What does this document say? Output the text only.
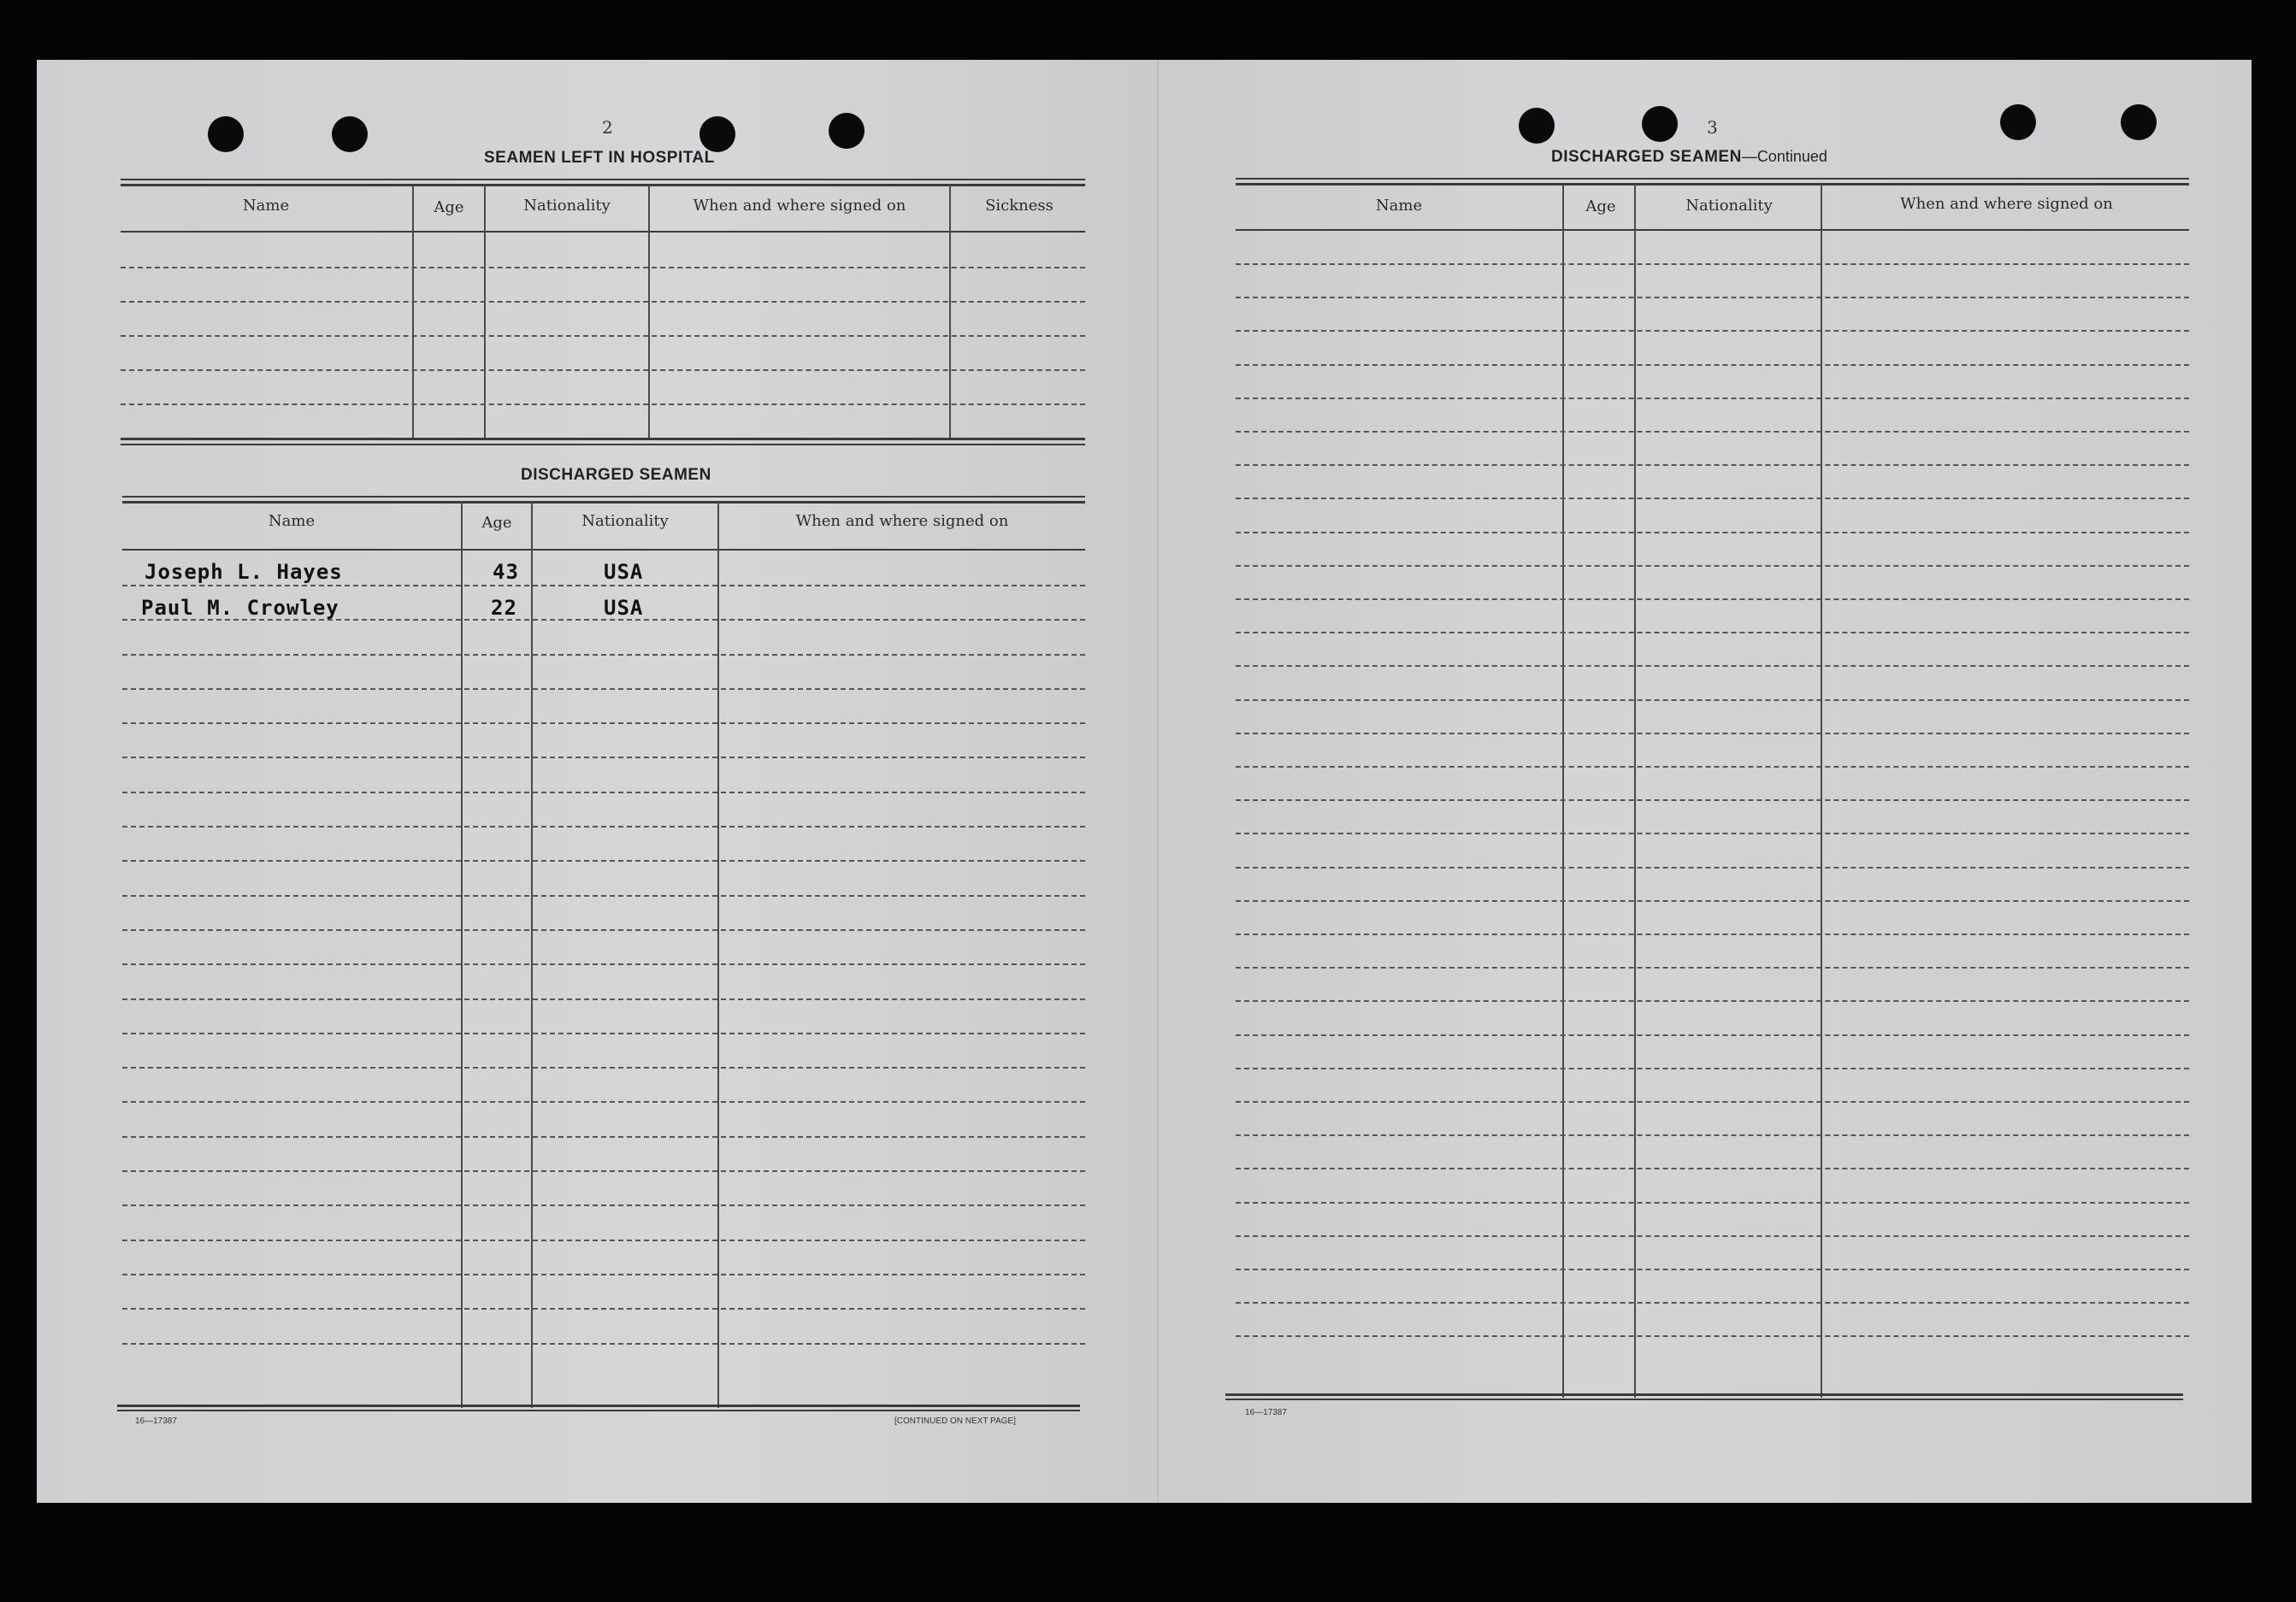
2
SEAMEN LEFT IN HOSPITAL
Name	Age	Nationality	When and where signed on	Sickness
DISCHARGED SEAMEN
Name	Age	Nationality	When and where signed on
Joseph L. Hayes	43	USA
Paul M. Crowley	22	USA
16—17387	[CONTINUED ON NEXT PAGE]
3
DISCHARGED SEAMEN—Continued
Name	Age	Nationality	When and where signed on
16—17387
